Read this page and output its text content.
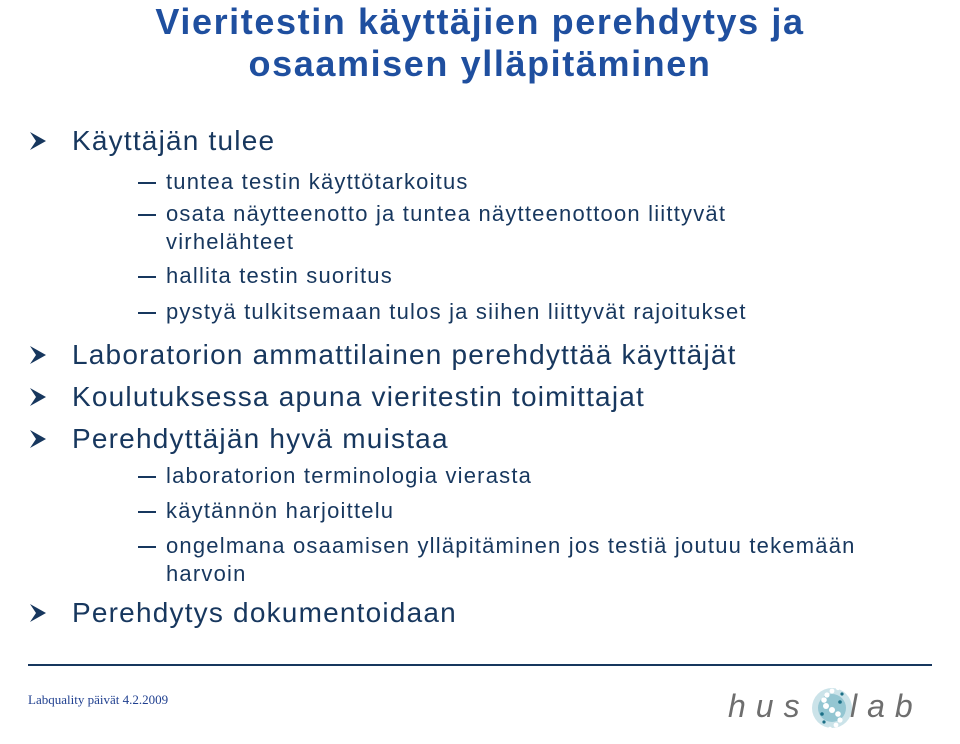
Vieritestin käyttäjien perehdytys ja
osaamisen ylläpitäminen
Käyttäjän tulee
tuntea testin käyttötarkoitus
osata näytteenotto ja tuntea näytteenottoon liittyvät virhelähteet
hallita testin suoritus
pystyä tulkitsemaan tulos ja siihen liittyvät rajoitukset
Laboratorion ammattilainen perehdyttää käyttäjät
Koulutuksessa apuna vieritestin toimittajat
Perehdyttäjän hyvä muistaa
laboratorion terminologia vierasta
käytännön harjoittelu
ongelmana osaamisen ylläpitäminen jos testiä joutuu tekemään harvoin
Perehdytys dokumentoidaan
Labquality päivät 4.2.2009	hus lab
